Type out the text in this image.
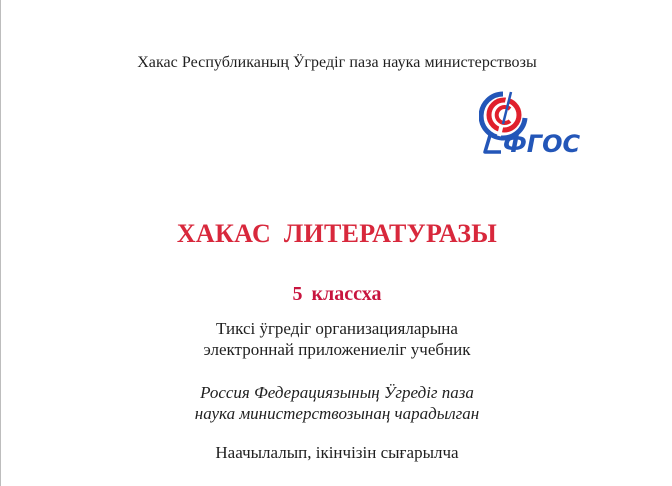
Хакас Республиканың Ӱгредiг паза наука министерствозы
ФГОС
ХАКАС ЛИТЕРАТУРАЗЫ
5 классха
Тиксi ӱгредiг организацияларына
электроннай приложениелiг учебник
Россия Федерациязының Ӱгредiг паза
наука министерствозынаң чарадылган
Наачылалып, iкiнчiзiн сығарылча
